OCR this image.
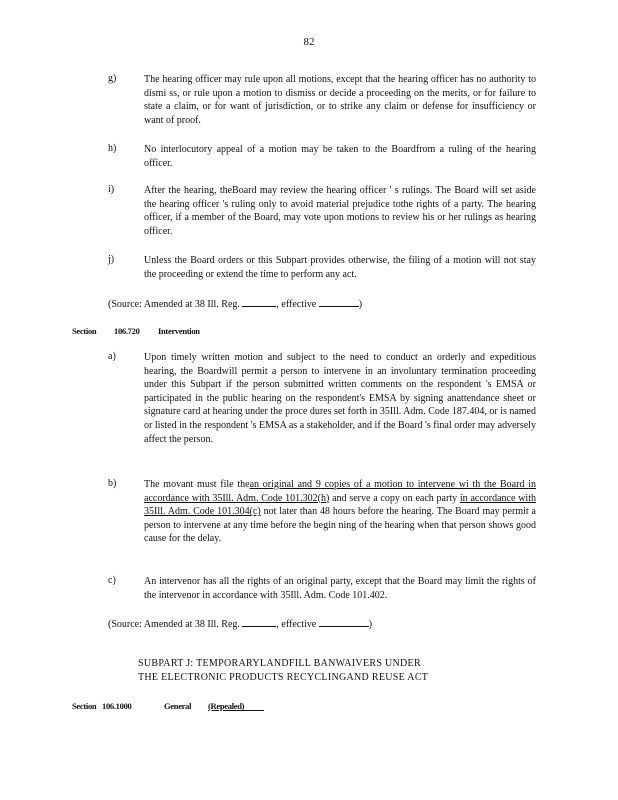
82
g)	The hearing officer may rule upon all motions, except that the hearing officer has no authority to dismi ss, or rule upon a motion to dismiss or decide a proceeding on the merits, or for failure to state a claim, or for want of jurisdiction, or to strike any claim or defense for insufficiency or want of proof.
h)	No interlocutory appeal of a motion may be taken to the Boardfrom a ruling of the hearing officer.
i)	After the hearing, theBoard may review the hearing officer ' s rulings. The Board will set aside the hearing officer 's ruling only to avoid material prejudice tothe rights of a party. The hearing officer, if a member of the Board, may vote upon motions to review his or her rulings as hearing officer.
j)	Unless the Board orders or this Subpart provides otherwise, the filing of a motion will not stay the proceeding or extend the time to perform any act.
(Source: Amended at 38 Ill. Reg.	, effective	)
Section 106.720 Intervention
a)	Upon timely written motion and subject to the need to conduct an orderly and expeditious hearing, the Boardwill permit a person to intervene in an involuntary termination proceeding under this Subpart if the person submitted written comments on the respondent 's EMSA or participated in the public hearing on the respondent's EMSA by signing anattendance sheet or signature card at hearing under the proce dures set forth in 35Ill. Adm. Code 187.404, or is named or listed in the respondent 's EMSA as a stakeholder, and if the Board 's final order may adversely affect the person.
b)	The movant must file thean original and 9 copies of a motion to intervene wi th the Board in accordance with 35Ill. Adm. Code 101.302(h) and serve a copy on each party in accordance with 35Ill. Adm. Code 101.304(c) not later than 48 hours before the hearing. The Board may permit a person to intervene at any time before the begin ning of the hearing when that person shows good cause for the delay.
c)	An intervenor has all the rights of an original party, except that the Board may limit the rights of the intervenor in accordance with 35Ill. Adm. Code 101.402.
(Source: Amended at 38 Ill. Reg.	, effective	)
SUBPART J: TEMPORARYLANDFILL BANWAIVERS UNDER
THE ELECTRONIC PRODUCTS RECYCLINGAND REUSE ACT
Section 106.1000	General (Repealed)
